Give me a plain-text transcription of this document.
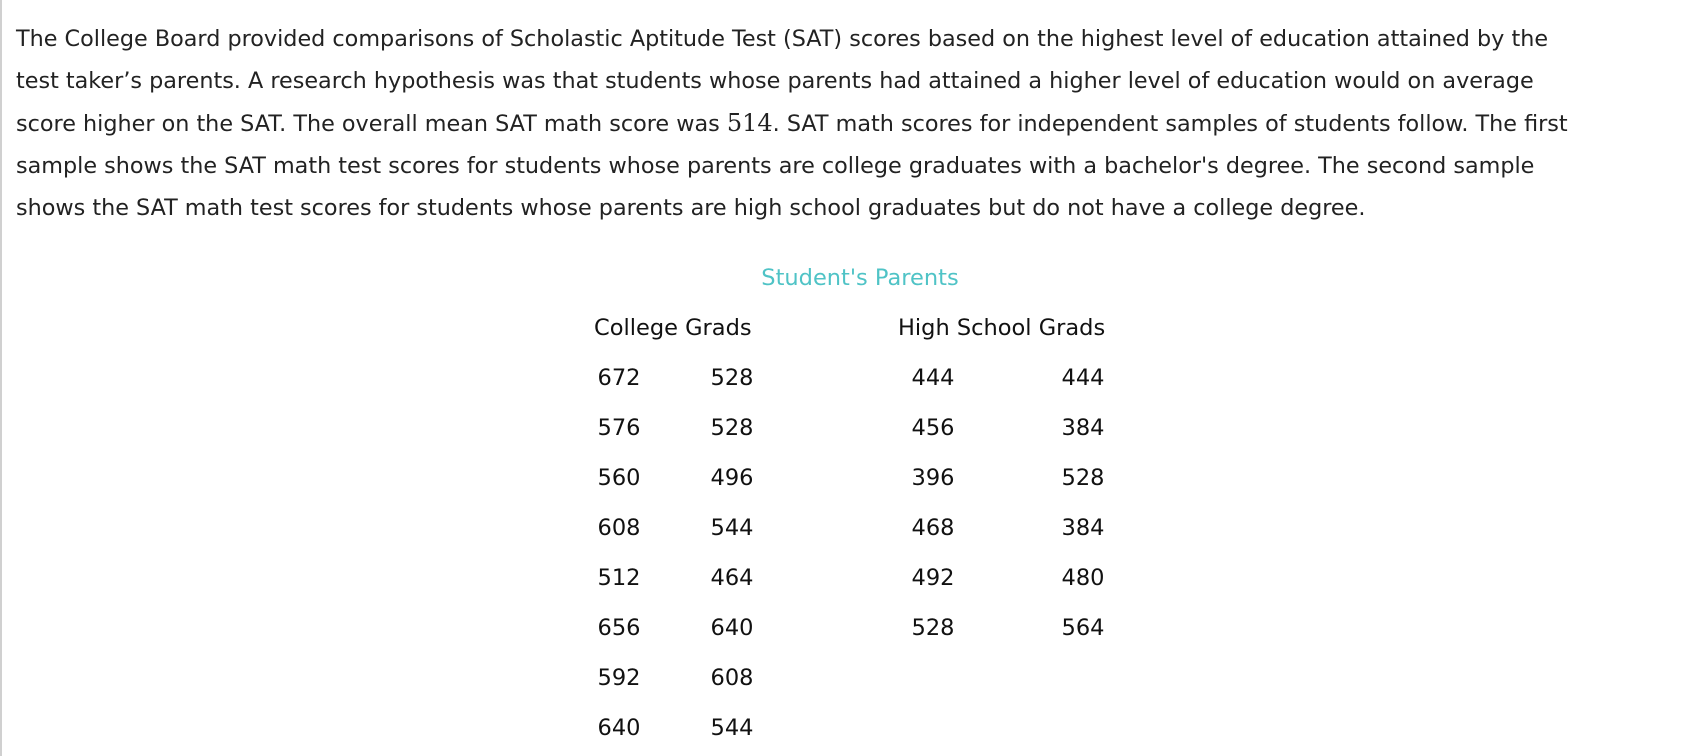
The College Board provided comparisons of Scholastic Aptitude Test (SAT) scores based on the highest level of education attained by the
test taker’s parents. A research hypothesis was that students whose parents had attained a higher level of education would on average
score higher on the SAT. The overall mean SAT math score was 514. SAT math scores for independent samples of students follow. The first
sample shows the SAT math test scores for students whose parents are college graduates with a bachelor's degree. The second sample
shows the SAT math test scores for students whose parents are high school graduates but do not have a college degree.

Student's Parents
College Grads	High School Grads
672
576
560
608
512
656
592
640
528
528
496
544
464
640
608
544
444
456
396
468
492
528
444
384
528
384
480
564
